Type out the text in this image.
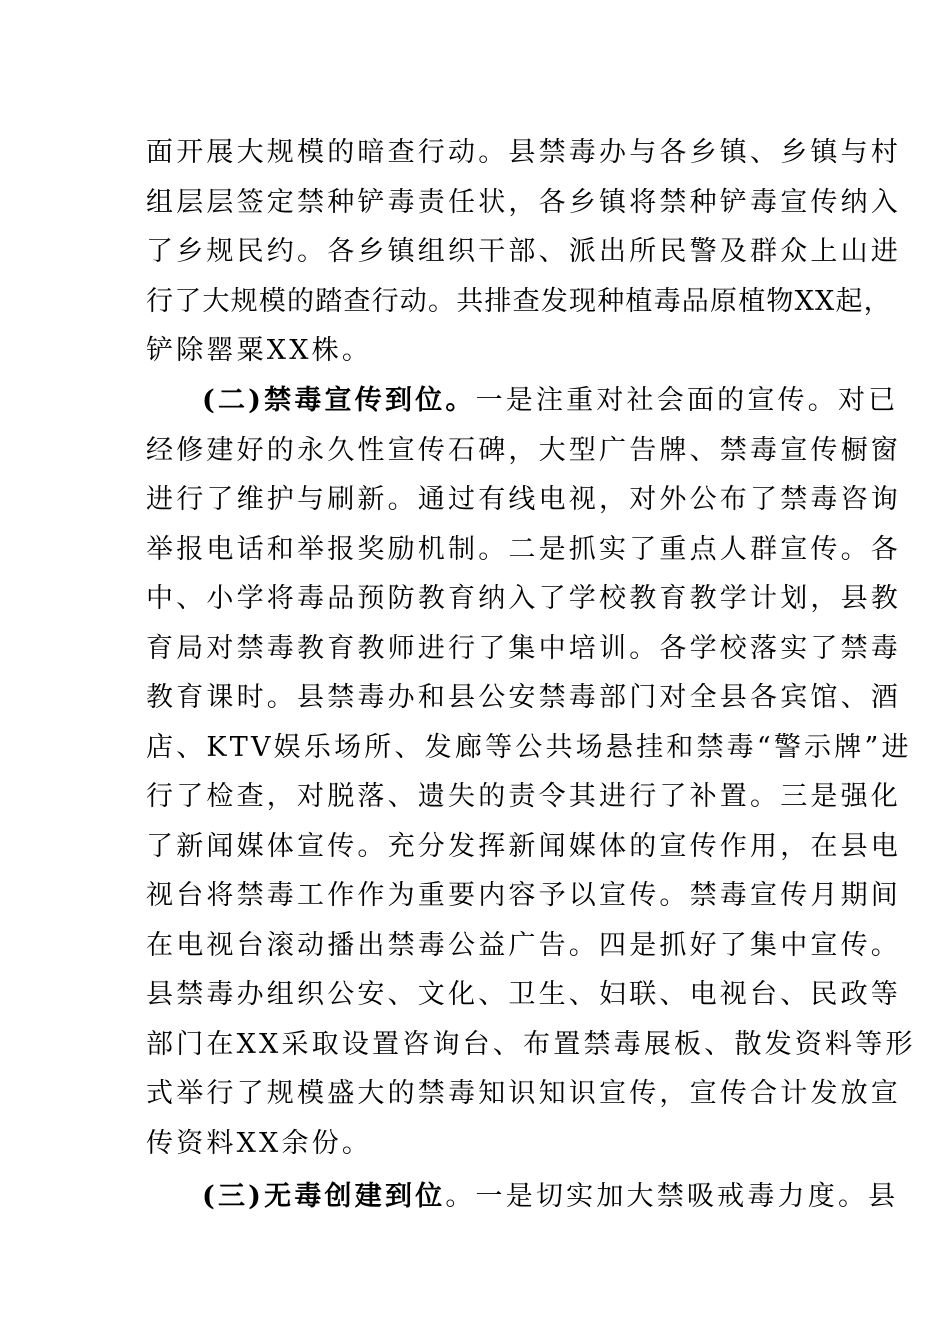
面开展大规模的暗查行动。县禁毒办与各乡镇、乡镇与村
组层层签定禁种铲毒责任状，各乡镇将禁种铲毒宣传纳入
了乡规民约。各乡镇组织干部、派出所民警及群众上山进
行了大规模的踏查行动。共排查发现种植毒品原植物XX起，
铲除罂粟XX株。
(二)禁毒宣传到位。一是注重对社会面的宣传。对已
经修建好的永久性宣传石碑，大型广告牌、禁毒宣传橱窗
进行了维护与刷新。通过有线电视，对外公布了禁毒咨询
举报电话和举报奖励机制。二是抓实了重点人群宣传。各
中、小学将毒品预防教育纳入了学校教育教学计划，县教
育局对禁毒教育教师进行了集中培训。各学校落实了禁毒
教育课时。县禁毒办和县公安禁毒部门对全县各宾馆、酒
店、KTV娱乐场所、发廊等公共场悬挂和禁毒“警示牌”进
行了检查，对脱落、遗失的责令其进行了补置。三是强化
了新闻媒体宣传。充分发挥新闻媒体的宣传作用，在县电
视台将禁毒工作作为重要内容予以宣传。禁毒宣传月期间
在电视台滚动播出禁毒公益广告。四是抓好了集中宣传。
县禁毒办组织公安、文化、卫生、妇联、电视台、民政等
部门在XX采取设置咨询台、布置禁毒展板、散发资料等形
式举行了规模盛大的禁毒知识知识宣传，宣传合计发放宣
传资料XX余份。
(三)无毒创建到位。一是切实加大禁吸戒毒力度。县
